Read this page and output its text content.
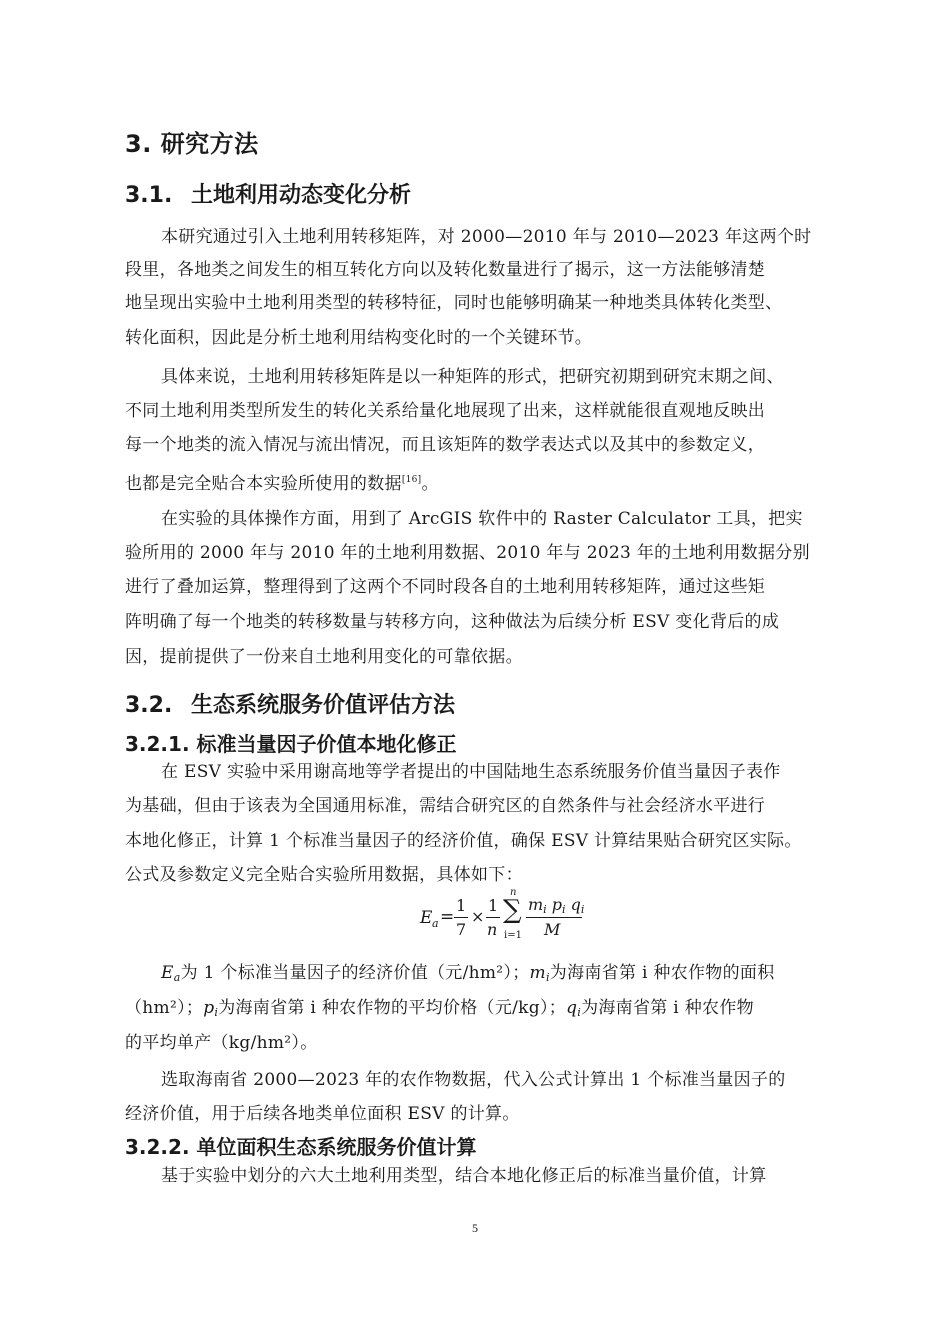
3. 研究方法
3.1. 土地利用动态变化分析
本研究通过引入土地利用转移矩阵，对 2000—2010 年与 2010—2023 年这两个时
段里，各地类之间发生的相互转化方向以及转化数量进行了揭示，这一方法能够清楚
地呈现出实验中土地利用类型的转移特征，同时也能够明确某一种地类具体转化类型、
转化面积，因此是分析土地利用结构变化时的一个关键环节。
具体来说，土地利用转移矩阵是以一种矩阵的形式，把研究初期到研究末期之间、
不同土地利用类型所发生的转化关系给量化地展现了出来，这样就能很直观地反映出
每一个地类的流入情况与流出情况，而且该矩阵的数学表达式以及其中的参数定义，
也都是完全贴合本实验所使用的数据[16]。
在实验的具体操作方面，用到了 ArcGIS 软件中的 Raster Calculator 工具，把实
验所用的 2000 年与 2010 年的土地利用数据、2010 年与 2023 年的土地利用数据分别
进行了叠加运算，整理得到了这两个不同时段各自的土地利用转移矩阵，通过这些矩
阵明确了每一个地类的转移数量与转移方向，这种做法为后续分析 ESV 变化背后的成
因，提前提供了一份来自土地利用变化的可靠依据。
3.2. 生态系统服务价值评估方法
3.2.1. 标准当量因子价值本地化修正
在 ESV 实验中采用谢高地等学者提出的中国陆地生态系统服务价值当量因子表作
为基础，但由于该表为全国通用标准，需结合研究区的自然条件与社会经济水平进行
本地化修正，计算 1 个标准当量因子的经济价值，确保 ESV 计算结果贴合研究区实际。
公式及参数定义完全贴合实验所用数据，具体如下：
E a =
1
7
×
1
n
n
∑
i=1
$m_i$ $p_i$ $q_i$
M
$E_a$为 1 个标准当量因子的经济价值（元/hm²）；$m_i$为海南省第 i 种农作物的面积
（hm²）；$p_i$为海南省第 i 种农作物的平均价格（元/kg）；$q_i$为海南省第 i 种农作物
的平均单产（kg/hm²）。
选取海南省 2000—2023 年的农作物数据，代入公式计算出 1 个标准当量因子的
经济价值，用于后续各地类单位面积 ESV 的计算。
3.2.2. 单位面积生态系统服务价值计算
基于实验中划分的六大土地利用类型，结合本地化修正后的标准当量价值，计算
5
